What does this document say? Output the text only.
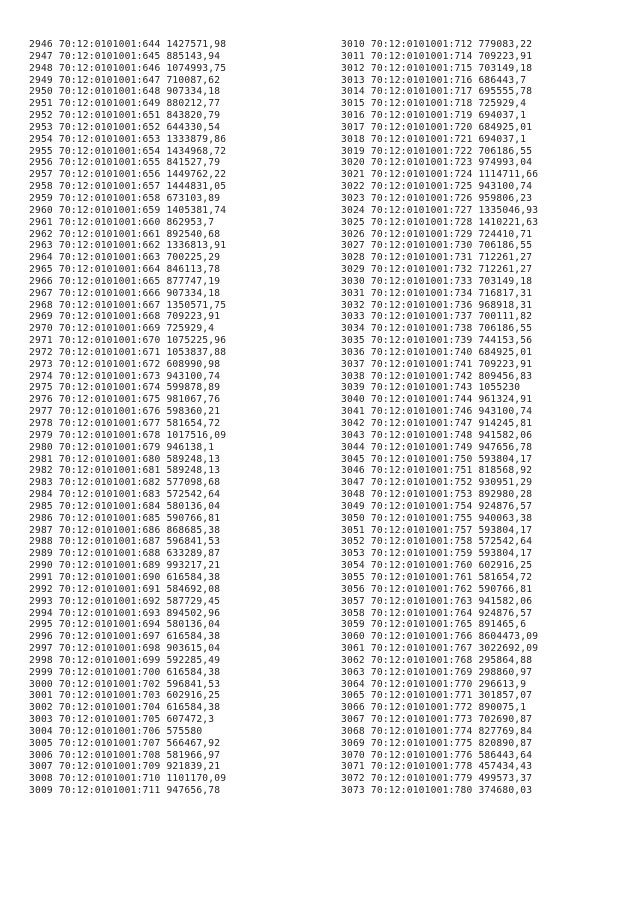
2946 70:12:0101001:644 1427571,98
2947 70:12:0101001:645 885143,94
2948 70:12:0101001:646 1074993,75
2949 70:12:0101001:647 710087,62
2950 70:12:0101001:648 907334,18
2951 70:12:0101001:649 880212,77
2952 70:12:0101001:651 843820,79
2953 70:12:0101001:652 644330,54
2954 70:12:0101001:653 1333879,86
2955 70:12:0101001:654 1434968,72
2956 70:12:0101001:655 841527,79
2957 70:12:0101001:656 1449762,22
2958 70:12:0101001:657 1444831,05
2959 70:12:0101001:658 673103,89
2960 70:12:0101001:659 1405381,74
2961 70:12:0101001:660 862953,7
2962 70:12:0101001:661 892540,68
2963 70:12:0101001:662 1336813,91
2964 70:12:0101001:663 700225,29
2965 70:12:0101001:664 846113,78
2966 70:12:0101001:665 877747,19
2967 70:12:0101001:666 907334,18
2968 70:12:0101001:667 1350571,75
2969 70:12:0101001:668 709223,91
2970 70:12:0101001:669 725929,4
2971 70:12:0101001:670 1075225,96
2972 70:12:0101001:671 1053837,88
2973 70:12:0101001:672 608990,98
2974 70:12:0101001:673 943100,74
2975 70:12:0101001:674 599878,89
2976 70:12:0101001:675 981067,76
2977 70:12:0101001:676 598360,21
2978 70:12:0101001:677 581654,72
2979 70:12:0101001:678 1017516,09
2980 70:12:0101001:679 946138,1
2981 70:12:0101001:680 589248,13
2982 70:12:0101001:681 589248,13
2983 70:12:0101001:682 577098,68
2984 70:12:0101001:683 572542,64
2985 70:12:0101001:684 580136,04
2986 70:12:0101001:685 590766,81
2987 70:12:0101001:686 868685,38
2988 70:12:0101001:687 596841,53
2989 70:12:0101001:688 633289,87
2990 70:12:0101001:689 993217,21
2991 70:12:0101001:690 616584,38
2992 70:12:0101001:691 584692,08
2993 70:12:0101001:692 587729,45
2994 70:12:0101001:693 894502,96
2995 70:12:0101001:694 580136,04
2996 70:12:0101001:697 616584,38
2997 70:12:0101001:698 903615,04
2998 70:12:0101001:699 592285,49
2999 70:12:0101001:700 616584,38
3000 70:12:0101001:702 596841,53
3001 70:12:0101001:703 602916,25
3002 70:12:0101001:704 616584,38
3003 70:12:0101001:705 607472,3
3004 70:12:0101001:706 575580
3005 70:12:0101001:707 566467,92
3006 70:12:0101001:708 581966,97
3007 70:12:0101001:709 921839,21
3008 70:12:0101001:710 1101170,09
3009 70:12:0101001:711 947656,78
3010 70:12:0101001:712 779083,22
3011 70:12:0101001:714 709223,91
3012 70:12:0101001:715 703149,18
3013 70:12:0101001:716 686443,7
3014 70:12:0101001:717 695555,78
3015 70:12:0101001:718 725929,4
3016 70:12:0101001:719 694037,1
3017 70:12:0101001:720 684925,01
3018 70:12:0101001:721 694037,1
3019 70:12:0101001:722 706186,55
3020 70:12:0101001:723 974993,04
3021 70:12:0101001:724 1114711,66
3022 70:12:0101001:725 943100,74
3023 70:12:0101001:726 959806,23
3024 70:12:0101001:727 1335046,93
3025 70:12:0101001:728 1410221,63
3026 70:12:0101001:729 724410,71
3027 70:12:0101001:730 706186,55
3028 70:12:0101001:731 712261,27
3029 70:12:0101001:732 712261,27
3030 70:12:0101001:733 703149,18
3031 70:12:0101001:734 716817,31
3032 70:12:0101001:736 968918,31
3033 70:12:0101001:737 700111,82
3034 70:12:0101001:738 706186,55
3035 70:12:0101001:739 744153,56
3036 70:12:0101001:740 684925,01
3037 70:12:0101001:741 709223,91
3038 70:12:0101001:742 809456,83
3039 70:12:0101001:743 1055230
3040 70:12:0101001:744 961324,91
3041 70:12:0101001:746 943100,74
3042 70:12:0101001:747 914245,81
3043 70:12:0101001:748 941582,06
3044 70:12:0101001:749 947656,78
3045 70:12:0101001:750 593804,17
3046 70:12:0101001:751 818568,92
3047 70:12:0101001:752 930951,29
3048 70:12:0101001:753 892980,28
3049 70:12:0101001:754 924876,57
3050 70:12:0101001:755 940063,38
3051 70:12:0101001:757 593804,17
3052 70:12:0101001:758 572542,64
3053 70:12:0101001:759 593804,17
3054 70:12:0101001:760 602916,25
3055 70:12:0101001:761 581654,72
3056 70:12:0101001:762 590766,81
3057 70:12:0101001:763 941582,06
3058 70:12:0101001:764 924876,57
3059 70:12:0101001:765 891465,6
3060 70:12:0101001:766 8604473,09
3061 70:12:0101001:767 3022692,09
3062 70:12:0101001:768 295864,88
3063 70:12:0101001:769 298860,97
3064 70:12:0101001:770 296613,9
3065 70:12:0101001:771 301857,07
3066 70:12:0101001:772 890075,1
3067 70:12:0101001:773 702690,87
3068 70:12:0101001:774 827769,84
3069 70:12:0101001:775 820890,87
3070 70:12:0101001:776 586443,64
3071 70:12:0101001:778 457434,43
3072 70:12:0101001:779 499573,37
3073 70:12:0101001:780 374680,03
